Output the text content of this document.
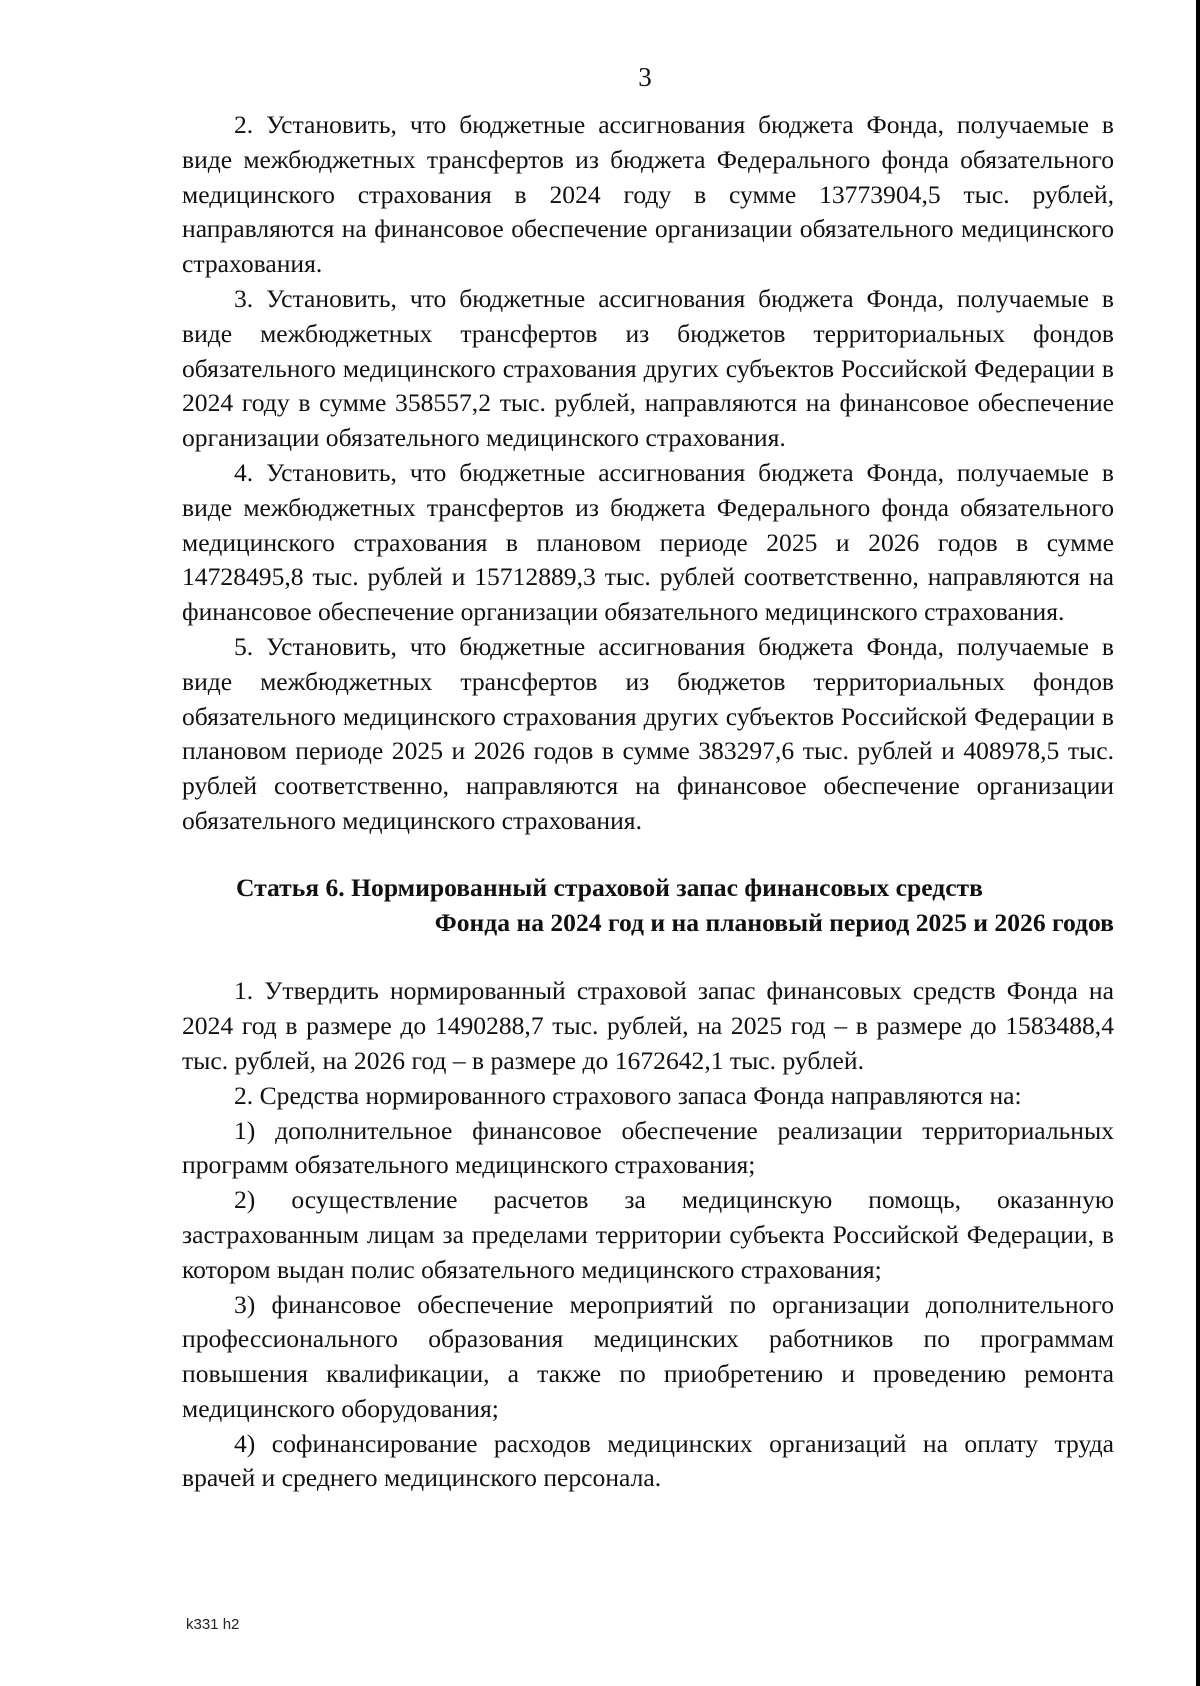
3

2. Установить, что бюджетные ассигнования бюджета Фонда, получаемые в виде межбюджетных трансфертов из бюджета Федерального фонда обязательного медицинского страхования в 2024 году в сумме 13773904,5 тыс. рублей, направляются на финансовое обеспечение организации обязательного медицинского страхования.

3. Установить, что бюджетные ассигнования бюджета Фонда, получаемые в виде межбюджетных трансфертов из бюджетов территориальных фондов обязательного медицинского страхования других субъектов Российской Федерации в 2024 году в сумме 358557,2 тыс. рублей, направляются на финансовое обеспечение организации обязательного медицинского страхования.

4. Установить, что бюджетные ассигнования бюджета Фонда, получаемые в виде межбюджетных трансфертов из бюджета Федерального фонда обязательного медицинского страхования в плановом периоде 2025 и 2026 годов в сумме 14728495,8 тыс. рублей и 15712889,3 тыс. рублей соответственно, направляются на финансовое обеспечение организации обязательного медицинского страхования.

5. Установить, что бюджетные ассигнования бюджета Фонда, получаемые в виде межбюджетных трансфертов из бюджетов территориальных фондов обязательного медицинского страхования других субъектов Российской Федерации в плановом периоде 2025 и 2026 годов в сумме 383297,6 тыс. рублей и 408978,5 тыс. рублей соответственно, направляются на финансовое обеспечение организации обязательного медицинского страхования.

Статья 6. Нормированный страховой запас финансовых средств
Фонда на 2024 год и на плановый период 2025 и 2026 годов

1. Утвердить нормированный страховой запас финансовых средств Фонда на 2024 год в размере до 1490288,7 тыс. рублей, на 2025 год – в размере до 1583488,4 тыс. рублей, на 2026 год – в размере до 1672642,1 тыс. рублей.

2. Средства нормированного страхового запаса Фонда направляются на:

1) дополнительное финансовое обеспечение реализации территориальных программ обязательного медицинского страхования;

2) осуществление расчетов за медицинскую помощь, оказанную застрахованным лицам за пределами территории субъекта Российской Федерации, в котором выдан полис обязательного медицинского страхования;

3) финансовое обеспечение мероприятий по организации дополнительного профессионального образования медицинских работников по программам повышения квалификации, а также по приобретению и проведению ремонта медицинского оборудования;

4) софинансирование расходов медицинских организаций на оплату труда врачей и среднего медицинского персонала.

k331 h2
